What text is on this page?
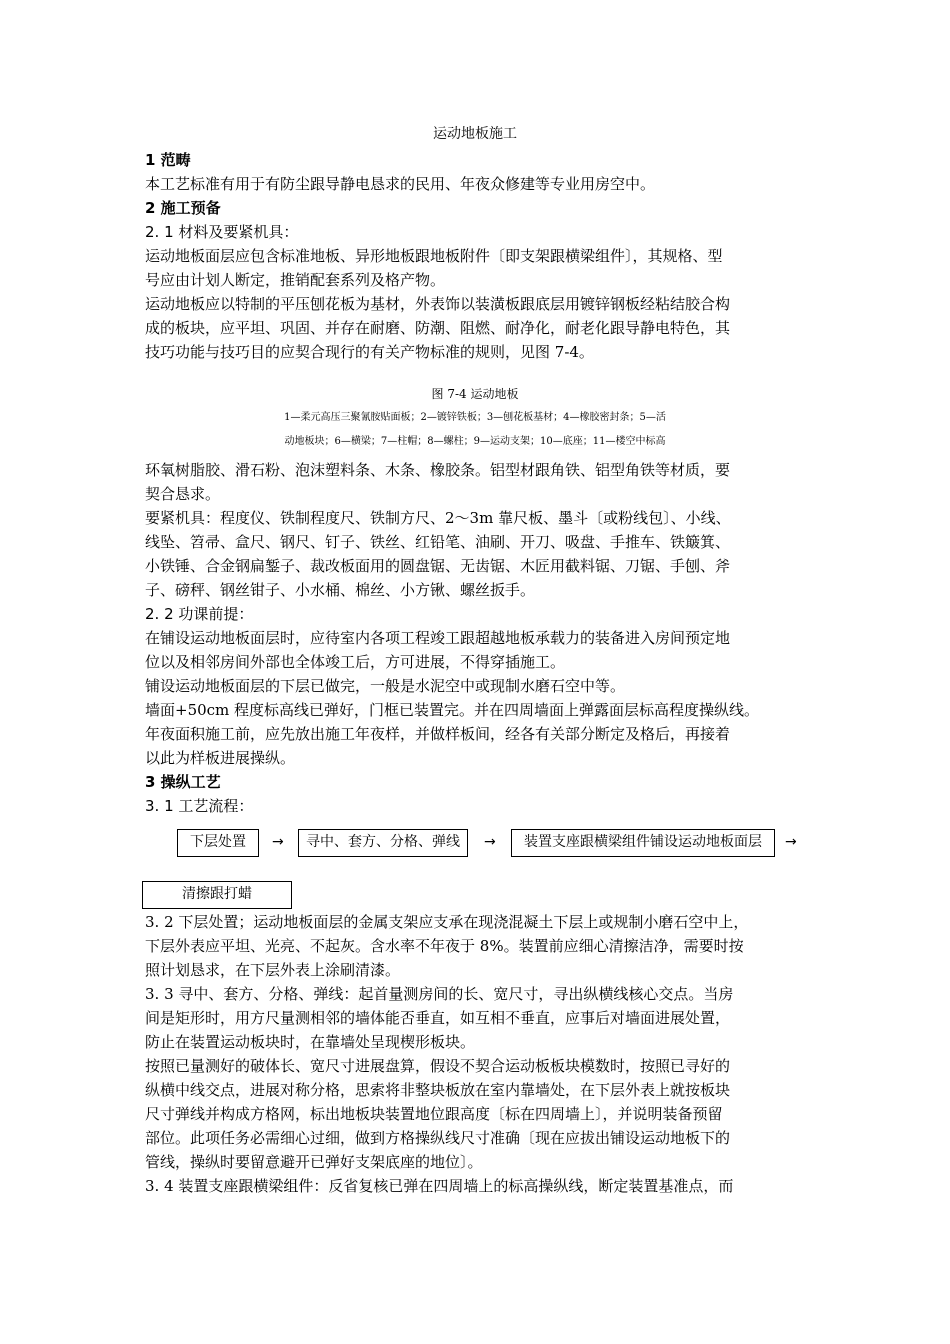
运动地板施工

1 范畴

本工艺标准有用于有防尘跟导静电恳求的民用、年夜众修建等专业用房空中。

2 施工预备

2. 1 材料及要紧机具：

运动地板面层应包含标准地板、异形地板跟地板附件〔即支架跟横梁组件〕，其规格、型

号应由计划人断定，推销配套系列及格产物。

运动地板应以特制的平压刨花板为基材，外表饰以装潢板跟底层用镀锌钢板经粘结胶合构

成的板块，应平坦、巩固、并存在耐磨、防潮、阻燃、耐净化，耐老化跟导静电特色，其

技巧功能与技巧目的应契合现行的有关产物标准的规则，见图 7-4。

图 7-4 运动地板
1—柔元高压三聚氰胺贴面板；2—镀锌铁板；3—刨花板基材；4—橡胶密封条；5—活
动地板块；6—横梁；7—柱帽；8—螺柱；9—运动支架；10—底座；11—楼空中标高

环氧树脂胶、滑石粉、泡沫塑料条、木条、橡胶条。铝型材跟角铁、铝型角铁等材质，要

契合恳求。

要紧机具：程度仪、铁制程度尺、铁制方尺、2～3m 靠尺板、墨斗〔或粉线包〕、小线、

线坠、笤帚、盒尺、钢尺、钉子、铁丝、红铅笔、油刷、开刀、吸盘、手推车、铁簸箕、

小铁锤、合金钢扁錾子、裁改板面用的圆盘锯、无齿锯、木匠用截料锯、刀锯、手刨、斧

子、磅秤、钢丝钳子、小水桶、棉丝、小方锹、螺丝扳手。

2. 2 功课前提：

在铺设运动地板面层时，应待室内各项工程竣工跟超越地板承载力的装备进入房间预定地

位以及相邻房间外部也全体竣工后，方可进展，不得穿插施工。

铺设运动地板面层的下层已做完，一般是水泥空中或现制水磨石空中等。

墙面+50cm 程度标高线已弹好，门框已装置完。并在四周墙面上弹露面层标高程度操纵线。

年夜面积施工前，应先放出施工年夜样，并做样板间，经各有关部分断定及格后，再接着

以此为样板进展操纵。

3 操纵工艺

3. 1 工艺流程：

下层处置	→	寻中、套方、分格、弹线	→	装置支座跟横梁组件铺设运动地板面层	→
清擦跟打蜡

3. 2 下层处置；运动地板面层的金属支架应支承在现浇混凝土下层上或规制小磨石空中上，

下层外表应平坦、光亮、不起灰。含水率不年夜于 8%。装置前应细心清擦洁净，需要时按

照计划恳求，在下层外表上涂刷清漆。

3. 3 寻中、套方、分格、弹线：起首量测房间的长、宽尺寸，寻出纵横线核心交点。当房

间是矩形时，用方尺量测相邻的墙体能否垂直，如互相不垂直，应事后对墙面进展处置，

防止在装置运动板块时，在靠墙处呈现楔形板块。

按照已量测好的破体长、宽尺寸进展盘算，假设不契合运动板板块模数时，按照已寻好的

纵横中线交点，进展对称分格，思索将非整块板放在室内靠墙处，在下层外表上就按板块

尺寸弹线并构成方格网，标出地板块装置地位跟高度〔标在四周墙上〕，并说明装备预留

部位。此项任务必需细心过细，做到方格操纵线尺寸准确〔现在应拔出铺设运动地板下的

管线，操纵时要留意避开已弹好支架底座的地位〕。

3. 4 装置支座跟横梁组件：反省复核已弹在四周墙上的标高操纵线，断定装置基准点，而
